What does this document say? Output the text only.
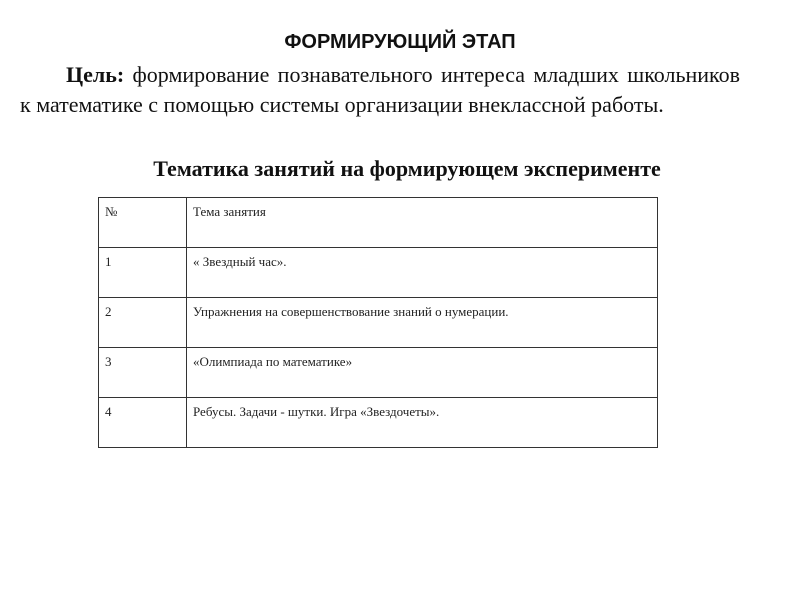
ФОРМИРУЮЩИЙ ЭТАП

Цель: формирование познавательного интереса младших школьников к математике с помощью системы организации внеклассной работы.

Тематика занятий на формирующем эксперименте
№	Тема занятия
1	« Звездный час».
2	Упражнения на совершенствование знаний о нумерации.
3	«Олимпиада по математике»
4	Ребусы. Задачи - шутки. Игра «Звездочеты».
